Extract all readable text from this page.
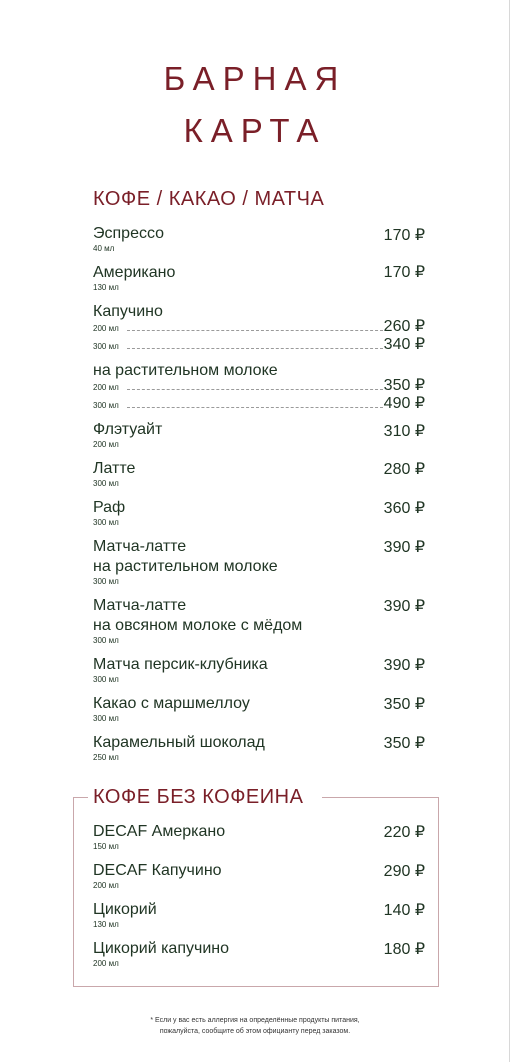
БАРНАЯ
КАРТА
КОФЕ / КАКАО / МАТЧА
Эспрессо
40 мл
170 ₽
Американо
130 мл
170 ₽
Капучино
200 мл	260 ₽
300 мл	340 ₽
на растительном молоке
200 мл	350 ₽
300 мл	490 ₽
Флэтуайт
200 мл
310 ₽
Латте
300 мл
280 ₽
Раф
300 мл
360 ₽
Матча-латте
на растительном молоке
300 мл
390 ₽
Матча-латте
на овсяном молоке с мёдом
300 мл
390 ₽
Матча персик-клубника
300 мл
390 ₽
Какао с маршмеллоу
300 мл
350 ₽
Карамельный шоколад
250 мл
350 ₽
КОФЕ БЕЗ КОФЕИНА
DECAF Амеркано
150 мл
220 ₽
DECAF Капучино
200 мл
290 ₽
Цикорий
130 мл
140 ₽
Цикорий капучино
200 мл
180 ₽
* Если у вас есть аллергия на определённые продукты питания,
пожалуйста, сообщите об этом официанту перед заказом.
